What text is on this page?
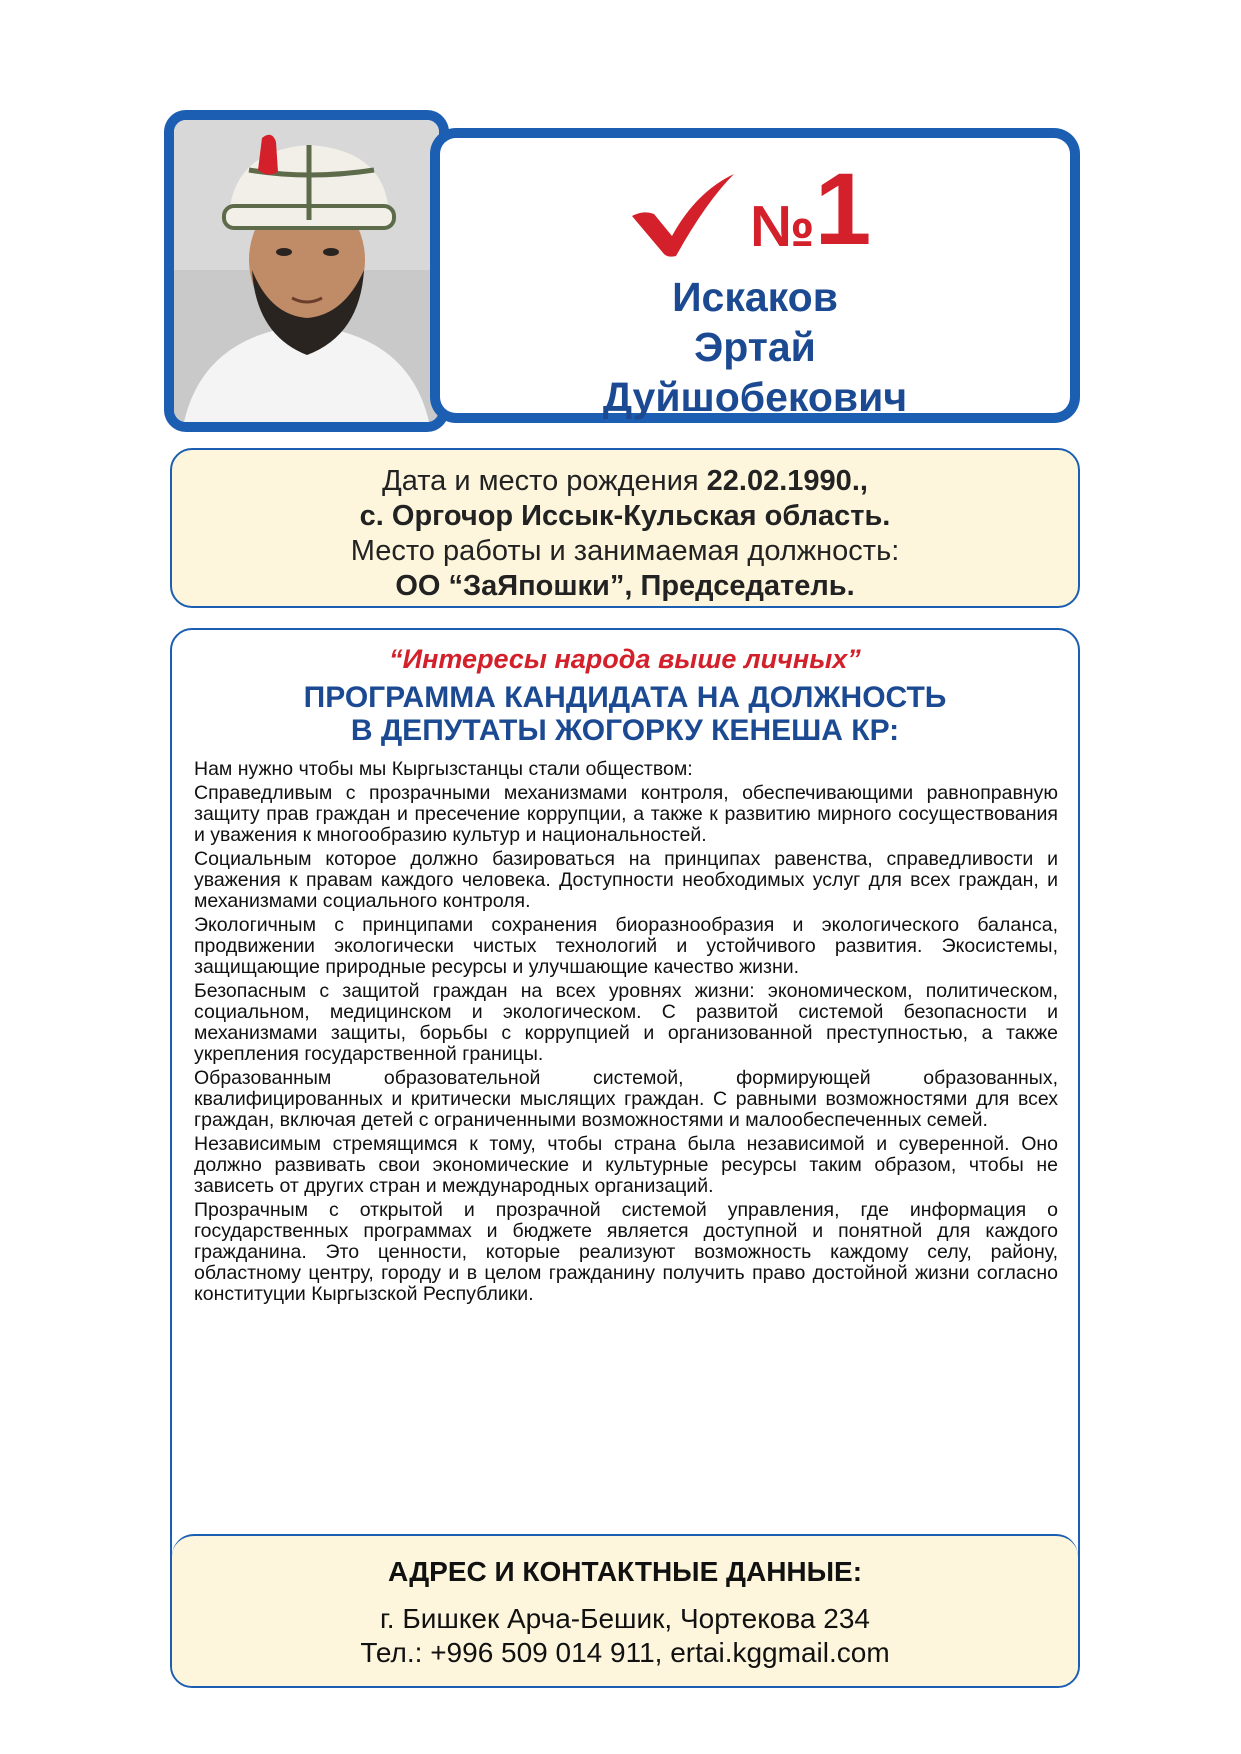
№1
Искаков
Эртай
Дуйшобекович
Дата и место рождения 22.02.1990.,
с. Оргочор Иссык-Кульская область.
Место работы и занимаемая должность:
ОО “ЗаЯпошки”, Председатель.
“Интересы народа выше личных”
ПРОГРАММА КАНДИДАТА НА ДОЛЖНОСТЬ
В ДЕПУТАТЫ ЖОГОРКУ КЕНЕША КР:

Нам нужно чтобы мы Кыргызстанцы стали обществом:

Справедливым с прозрачными механизмами контроля, обеспечивающими равноправную защиту прав граждан и пресечение коррупции, а также к развитию мирного сосуществования и уважения к многообразию культур и национальностей.

Социальным которое должно базироваться на принципах равенства, справедливости и уважения к правам каждого человека. Доступности необходимых услуг для всех граждан, и механизмами социального контроля.

Экологичным с принципами сохранения биоразнообразия и экологического баланса, продвижении экологически чистых технологий и устойчивого развития. Экосистемы, защищающие природные ресурсы и улучшающие качество жизни.

Безопасным с защитой граждан на всех уровнях жизни: экономическом, политическом, социальном, медицинском и экологическом. С развитой системой безопасности и механизмами защиты, борьбы с коррупцией и организованной преступностью, а также укрепления государственной границы.

Образованным образовательной системой, формирующей образованных, квалифицированных и критически мыслящих граждан. С равными возможностями для всех граждан, включая детей с ограниченными возможностями и малообеспеченных семей.

Независимым стремящимся к тому, чтобы страна была независимой и суверенной. Оно должно развивать свои экономические и культурные ресурсы таким образом, чтобы не зависеть от других стран и международных организаций.

Прозрачным с открытой и прозрачной системой управления, где информация о государственных программах и бюджете является доступной и понятной для каждого гражданина. Это ценности, которые реализуют возможность каждому селу, району, областному центру, городу и в целом гражданину получить право достойной жизни согласно конституции Кыргызской Республики.

АДРЕС И КОНТАКТНЫЕ ДАННЫЕ:
г. Бишкек Арча-Бешик, Чортекова 234
Тел.: +996 509 014 911, ertai.kggmail.com
